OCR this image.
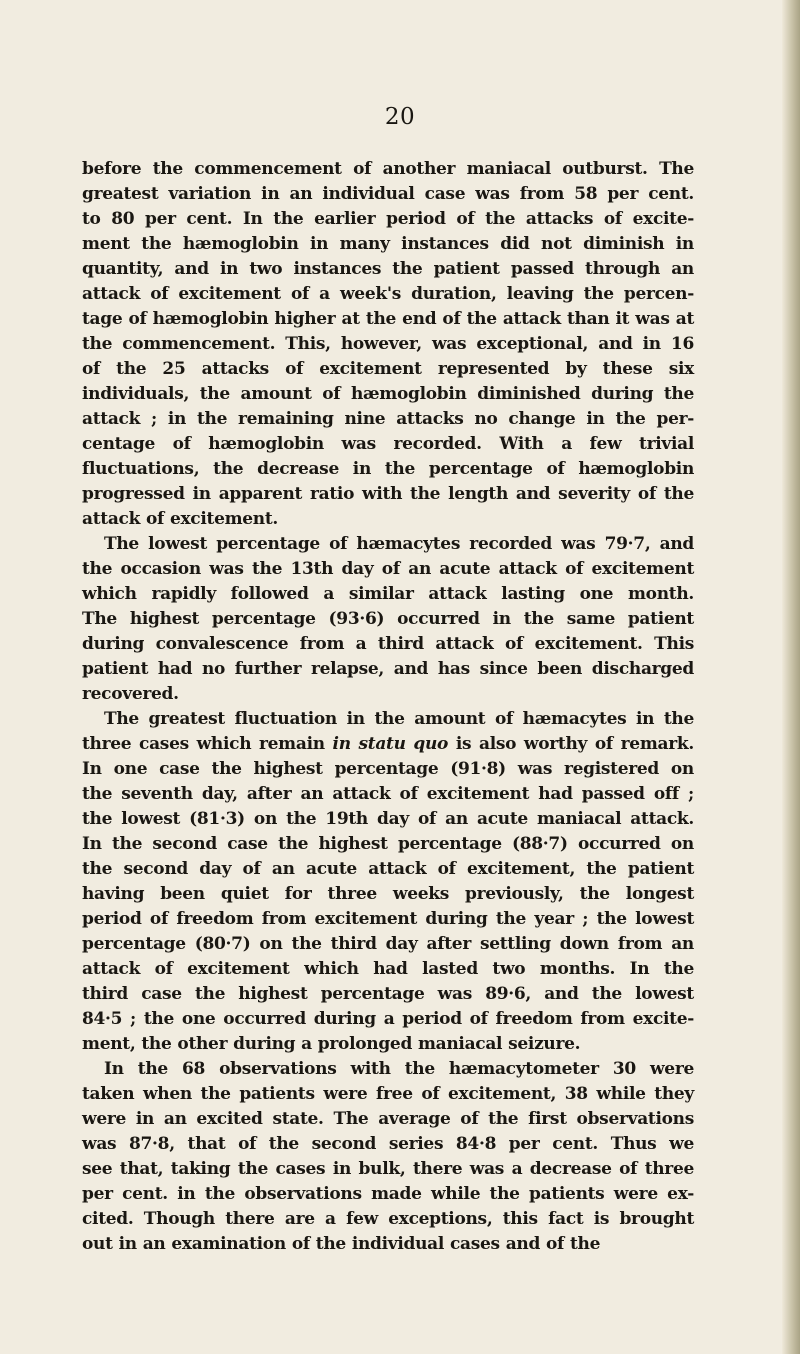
20
before the commencement of another maniacal outburst. The
greatest variation in an individual case was from 58 per cent.
to 80 per cent. In the earlier period of the attacks of excite-
ment the hæmoglobin in many instances did not diminish in
quantity, and in two instances the patient passed through an
attack of excitement of a week's duration, leaving the percen-
tage of hæmoglobin higher at the end of the attack than it was at
the commencement. This, however, was exceptional, and in 16
of the 25 attacks of excitement represented by these six
individuals, the amount of hæmoglobin diminished during the
attack ; in the remaining nine attacks no change in the per-
centage of hæmoglobin was recorded. With a few trivial
fluctuations, the decrease in the percentage of hæmoglobin
progressed in apparent ratio with the length and severity of the
attack of excitement.
The lowest percentage of hæmacytes recorded was 79·7, and
the occasion was the 13th day of an acute attack of excitement
which rapidly followed a similar attack lasting one month.
The highest percentage (93·6) occurred in the same patient
during convalescence from a third attack of excitement. This
patient had no further relapse, and has since been discharged
recovered.
The greatest fluctuation in the amount of hæmacytes in the
three cases which remain in statu quo is also worthy of remark.
In one case the highest percentage (91·8) was registered on
the seventh day, after an attack of excitement had passed off ;
the lowest (81·3) on the 19th day of an acute maniacal attack.
In the second case the highest percentage (88·7) occurred on
the second day of an acute attack of excitement, the patient
having been quiet for three weeks previously, the longest
period of freedom from excitement during the year ; the lowest
percentage (80·7) on the third day after settling down from an
attack of excitement which had lasted two months. In the
third case the highest percentage was 89·6, and the lowest
84·5 ; the one occurred during a period of freedom from excite-
ment, the other during a prolonged maniacal seizure.
In the 68 observations with the hæmacytometer 30 were
taken when the patients were free of excitement, 38 while they
were in an excited state. The average of the first observations
was 87·8, that of the second series 84·8 per cent. Thus we
see that, taking the cases in bulk, there was a decrease of three
per cent. in the observations made while the patients were ex-
cited. Though there are a few exceptions, this fact is brought
out in an examination of the individual cases and of the
